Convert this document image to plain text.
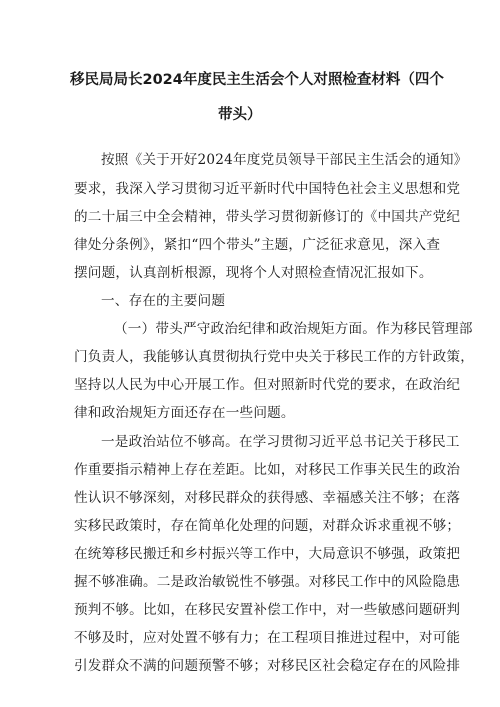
移民局局长2024年度民主生活会个人对照检查材料（四个
带头）
按照《关于开好2024年度党员领导干部民主生活会的通知》
要求，我深入学习贯彻习近平新时代中国特色社会主义思想和党
的二十届三中全会精神，带头学习贯彻新修订的《中国共产党纪
律处分条例》，紧扣“四个带头”主题，广泛征求意见，深入查
摆问题，认真剖析根源，现将个人对照检查情况汇报如下。
一、存在的主要问题
（一）带头严守政治纪律和政治规矩方面。作为移民管理部
门负责人，我能够认真贯彻执行党中央关于移民工作的方针政策，
坚持以人民为中心开展工作。但对照新时代党的要求，在政治纪
律和政治规矩方面还存在一些问题。
一是政治站位不够高。在学习贯彻习近平总书记关于移民工
作重要指示精神上存在差距。比如，对移民工作事关民生的政治
性认识不够深刻，对移民群众的获得感、幸福感关注不够；在落
实移民政策时，存在简单化处理的问题，对群众诉求重视不够；
在统筹移民搬迁和乡村振兴等工作中，大局意识不够强，政策把
握不够准确。二是政治敏锐性不够强。对移民工作中的风险隐患
预判不够。比如，在移民安置补偿工作中，对一些敏感问题研判
不够及时，应对处置不够有力；在工程项目推进过程中，对可能
引发群众不满的问题预警不够；对移民区社会稳定存在的风险排
